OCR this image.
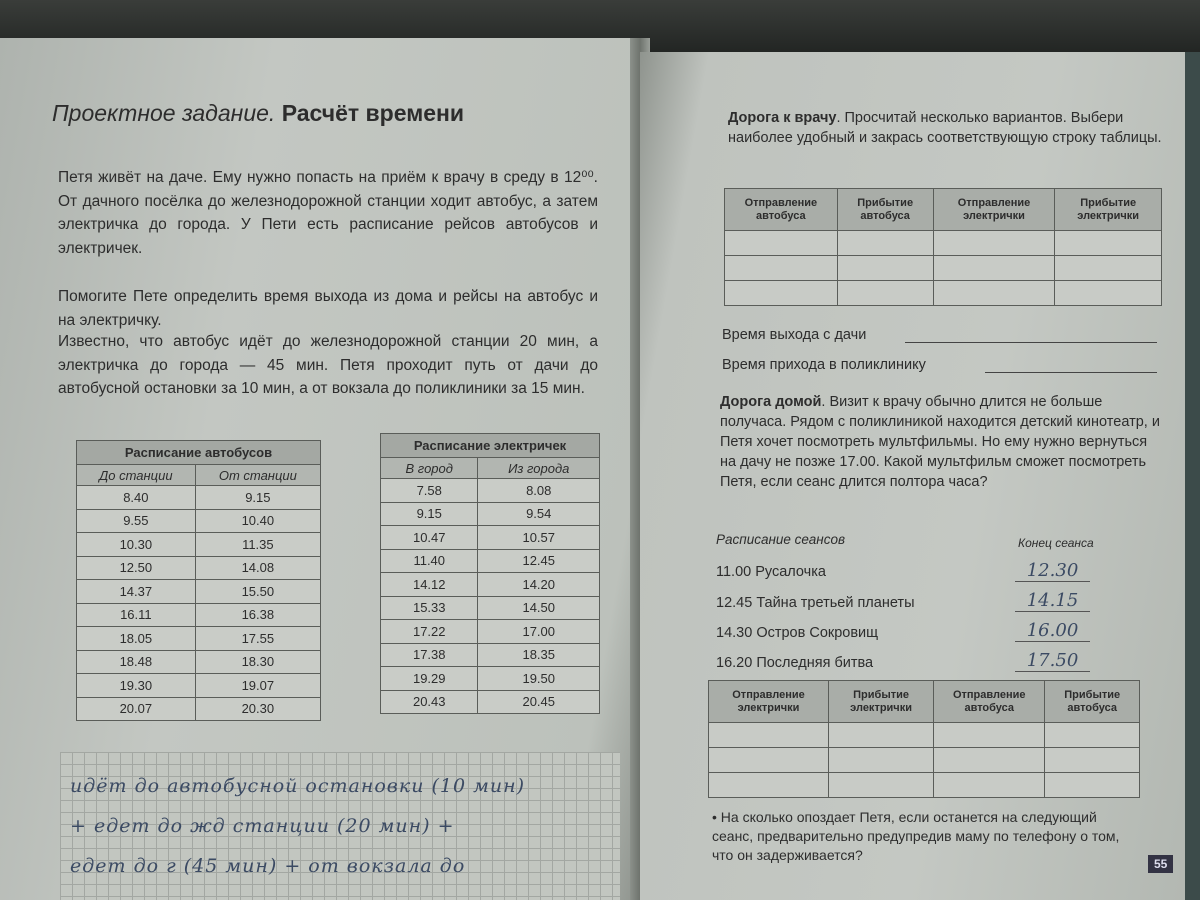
Проектное задание. Расчёт времени
Петя живёт на даче. Ему нужно попасть на приём к врачу в среду в 12⁰⁰. От дачного посёлка до железнодорожной станции ходит автобус, а затем электричка до города. У Пети есть расписание рейсов автобусов и электричек.
Помогите Пете определить время выхода из дома и рейсы на автобус и на электричку.
Известно, что автобус идёт до железнодорожной станции 20 мин, а электричка до города — 45 мин. Петя проходит путь от дачи до автобусной остановки за 10 мин, а от вокзала до поликлиники за 15 мин.
Расписание автобусов	
До станции	От станции
8.40	9.15
9.55	10.40
10.30	11.35
12.50	14.08
14.37	15.50
16.11	16.38
18.05	17.55
18.48	18.30
19.30	19.07
20.07	20.30
Расписание электричек	
В город	Из города
7.58	8.08
9.15	9.54
10.47	10.57
11.40	12.45
14.12	14.20
15.33	14.50
17.22	17.00
17.38	18.35
19.29	19.50
20.43	20.45
идёт до автобусной остановки (10 мин)
+ едет до жд станции (20 мин) +
едет до г (45 мин) + от вокзала до
Дорога к врачу. Просчитай несколько вариантов. Выбери наиболее удобный и закрась соответствующую строку таблицы.
Отправление автобуса	Прибытие автобуса	Отправление электрички	Прибытие электрички

Время выхода с дачи
Время прихода в поликлинику
Дорога домой. Визит к врачу обычно длится не больше получаса. Рядом с поликлиникой находится детский кинотеатр, и Петя хочет посмотреть мультфильмы. Но ему нужно вернуться на дачу не позже 17.00. Какой мультфильм сможет посмотреть Петя, если сеанс длится полтора часа?
Расписание сеансов	Конец сеанса
11.00 Русалочка	12.30
12.45 Тайна третьей планеты	14.15
14.30 Остров Сокровищ	16.00
16.20 Последняя битва	17.50
Отправление электрички	Прибытие электрички	Отправление автобуса	Прибытие автобуса

• На сколько опоздает Петя, если останется на следующий сеанс, предварительно предупредив маму по телефону о том, что он задерживается?
55
